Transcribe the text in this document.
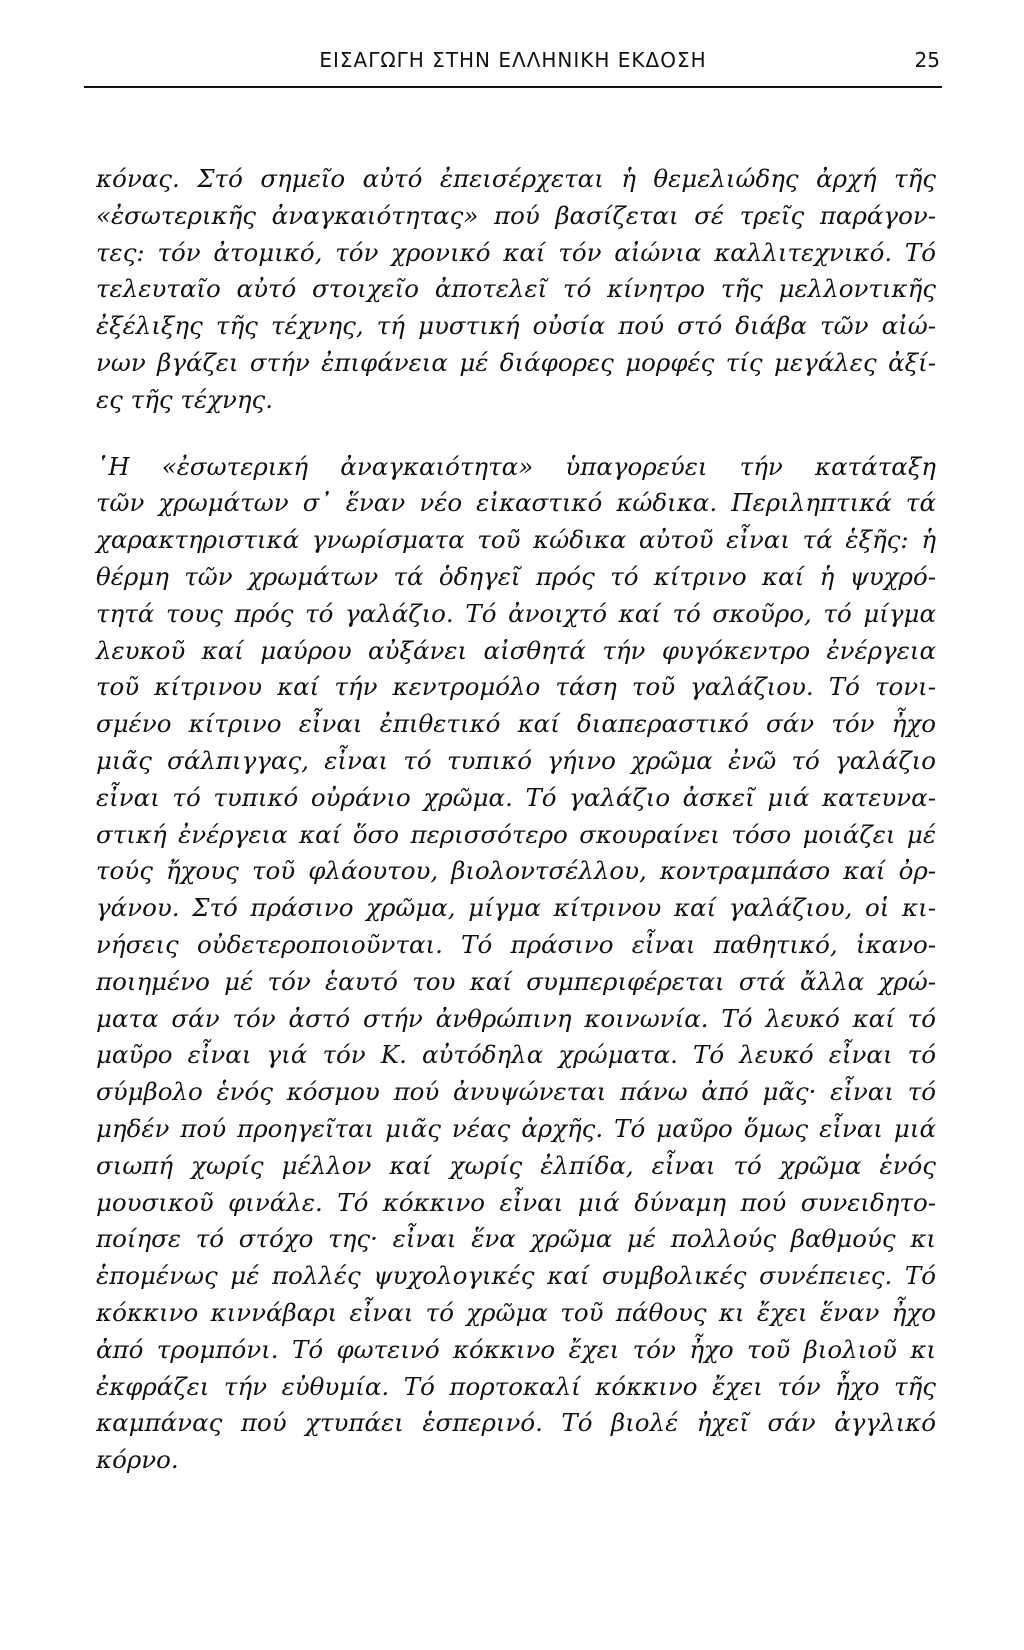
ΕΙΣΑΓΩΓΗ ΣΤΗΝ ΕΛΛΗΝΙΚΗ ΕΚΔΟΣΗ	25
κόνας. Στό σημεῖο αὐτό ἐπεισέρχεται ἡ θεμελιώδης ἀρχή τῆς
«ἐσωτερικῆς ἀναγκαιότητας» πού βασίζεται σέ τρεῖς παράγον-
τες: τόν ἀτομικό, τόν χρονικό καί τόν αἰώνια καλλιτεχνικό. Τό
τελευταῖο αὐτό στοιχεῖο ἀποτελεῖ τό κίνητρο τῆς μελλοντικῆς
ἐξέλιξης τῆς τέχνης, τή μυστική οὐσία πού στό διάβα τῶν αἰώ-
νων βγάζει στήν ἐπιφάνεια μέ διάφορες μορφές τίς μεγάλες ἀξί-
ες τῆς τέχνης.
῾Η «ἐσωτερική ἀναγκαιότητα» ὑπαγορεύει τήν κατάταξη
τῶν χρωμάτων σ᾽ ἕναν νέο εἰκαστικό κώδικα. Περιληπτικά τά
χαρακτηριστικά γνωρίσματα τοῦ κώδικα αὐτοῦ εἶναι τά ἑξῆς: ἡ
θέρμη τῶν χρωμάτων τά ὁδηγεῖ πρός τό κίτρινο καί ἡ ψυχρό-
τητά τους πρός τό γαλάζιο. Τό ἀνοιχτό καί τό σκοῦρο, τό μίγμα
λευκοῦ καί μαύρου αὐξάνει αἰσθητά τήν φυγόκεντρο ἐνέργεια
τοῦ κίτρινου καί τήν κεντρομόλο τάση τοῦ γαλάζιου. Τό τονι-
σμένο κίτρινο εἶναι ἐπιθετικό καί διαπεραστικό σάν τόν ἦχο
μιᾶς σάλπιγγας, εἶναι τό τυπικό γήινο χρῶμα ἐνῶ τό γαλάζιο
εἶναι τό τυπικό οὐράνιο χρῶμα. Τό γαλάζιο ἀσκεῖ μιά κατευνα-
στική ἐνέργεια καί ὅσο περισσότερο σκουραίνει τόσο μοιάζει μέ
τούς ἤχους τοῦ φλάουτου, βιολοντσέλλου, κοντραμπάσο καί ὀρ-
γάνου. Στό πράσινο χρῶμα, μίγμα κίτρινου καί γαλάζιου, οἱ κι-
νήσεις οὐδετεροποιοῦνται. Τό πράσινο εἶναι παθητικό, ἱκανο-
ποιημένο μέ τόν ἑαυτό του καί συμπεριφέρεται στά ἄλλα χρώ-
ματα σάν τόν ἀστό στήν ἀνθρώπινη κοινωνία. Τό λευκό καί τό
μαῦρο εἶναι γιά τόν Κ. αὐτόδηλα χρώματα. Τό λευκό εἶναι τό
σύμβολο ἑνός κόσμου πού ἀνυψώνεται πάνω ἀπό μᾶς· εἶναι τό
μηδέν πού προηγεῖται μιᾶς νέας ἀρχῆς. Τό μαῦρο ὅμως εἶναι μιά
σιωπή χωρίς μέλλον καί χωρίς ἐλπίδα, εἶναι τό χρῶμα ἑνός
μουσικοῦ φινάλε. Τό κόκκινο εἶναι μιά δύναμη πού συνειδητο-
ποίησε τό στόχο της· εἶναι ἕνα χρῶμα μέ πολλούς βαθμούς κι
ἑπομένως μέ πολλές ψυχολογικές καί συμβολικές συνέπειες. Τό
κόκκινο κιννάβαρι εἶναι τό χρῶμα τοῦ πάθους κι ἔχει ἕναν ἦχο
ἀπό τρομπόνι. Τό φωτεινό κόκκινο ἔχει τόν ἦχο τοῦ βιολιοῦ κι
ἐκφράζει τήν εὐθυμία. Τό πορτοκαλί κόκκινο ἔχει τόν ἦχο τῆς
καμπάνας πού χτυπάει ἑσπερινό. Τό βιολέ ἠχεῖ σάν ἀγγλικό
κόρνο.
